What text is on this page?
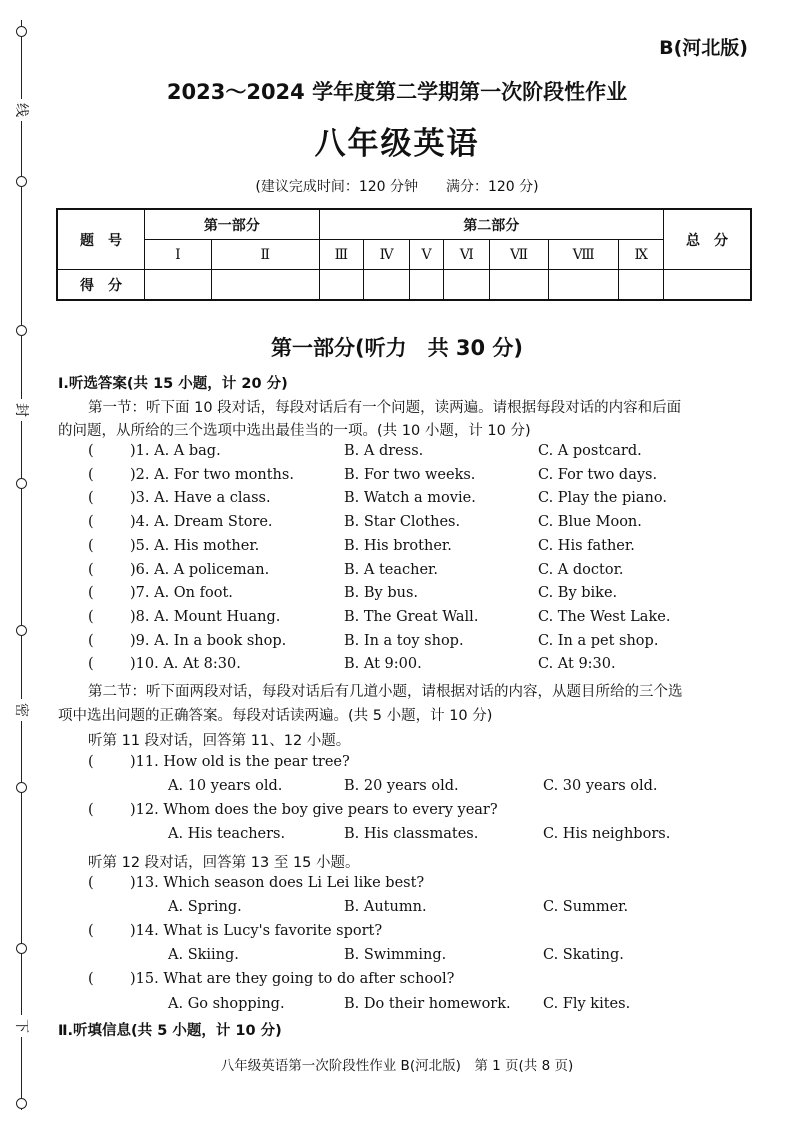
线
封
密
下
B(河北版)
2023～2024 学年度第二学期第一次阶段性作业
八年级英语
(建议完成时间：120 分钟　　满分：120 分)
题　号	第一部分		第二部分							总　分
	Ⅰ	Ⅱ	Ⅲ	Ⅳ	Ⅴ	Ⅵ	Ⅶ	Ⅷ	Ⅸ	
得　分										
第一部分(听力　共 30 分)
Ⅰ.听选答案(共 15 小题，计 20 分)
第一节：听下面 10 段对话，每段对话后有一个问题，读两遍。请根据每段对话的内容和后面
的问题，从所给的三个选项中选出最佳当的一项。(共 10 小题，计 10 分)
(	)1. A. A bag.	B. A dress.	C. A postcard.
(	)2. A. For two months.	B. For two weeks.	C. For two days.
(	)3. A. Have a class.	B. Watch a movie.	C. Play the piano.
(	)4. A. Dream Store.	B. Star Clothes.	C. Blue Moon.
(	)5. A. His mother.	B. His brother.	C. His father.
(	)6. A. A policeman.	B. A teacher.	C. A doctor.
(	)7. A. On foot.	B. By bus.	C. By bike.
(	)8. A. Mount Huang.	B. The Great Wall.	C. The West Lake.
(	)9. A. In a book shop.	B. In a toy shop.	C. In a pet shop.
(	)10. A. At 8:30.	B. At 9:00.	C. At 9:30.
第二节：听下面两段对话，每段对话后有几道小题，请根据对话的内容，从题目所给的三个选
项中选出问题的正确答案。每段对话读两遍。(共 5 小题，计 10 分)
听第 11 段对话，回答第 11、12 小题。
(	)11. How old is the pear tree?
A. 10 years old.	B. 20 years old.	C. 30 years old.
(	)12. Whom does the boy give pears to every year?
A. His teachers.	B. His classmates.	C. His neighbors.
听第 12 段对话，回答第 13 至 15 小题。
(	)13. Which season does Li Lei like best?
A. Spring.	B. Autumn.	C. Summer.
(	)14. What is Lucy's favorite sport?
A. Skiing.	B. Swimming.	C. Skating.
(	)15. What are they going to do after school?
A. Go shopping.	B. Do their homework. C. Fly kites.
Ⅱ.听填信息(共 5 小题，计 10 分)
八年级英语第一次阶段性作业 B(河北版)　第 1 页(共 8 页)
